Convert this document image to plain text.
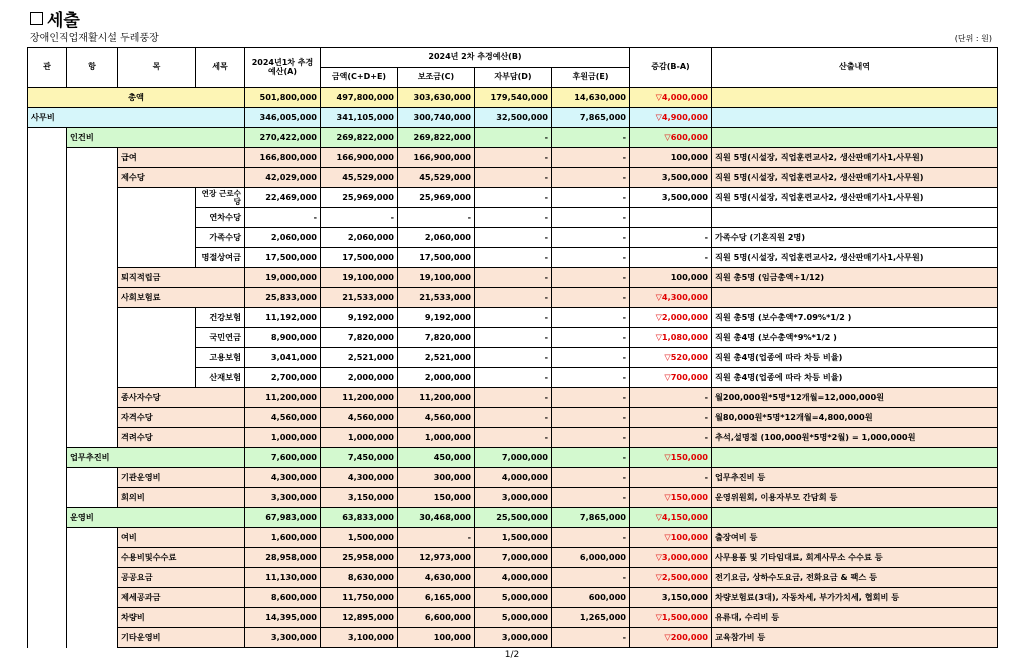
세출
장애인직업재활시설 두레풍장	(단위 : 원)
관	항	목	세목	2024년1차 추경예산(A)	2024년 2차 추경예산(B)				증감(B-A)	산출내역
					금액(C+D+E)	보조금(C)	자부담(D)	후원금(E)		
총액				501,800,000	497,800,000	303,630,000	179,540,000	14,630,000	▽4,000,000	
사무비				346,005,000	341,105,000	300,740,000	32,500,000	7,865,000	▽4,900,000	
	인건비			270,422,000	269,822,000	269,822,000	-	-	▽600,000	
		급여		166,800,000	166,900,000	166,900,000	-	-	100,000	직원 5명(시설장, 직업훈련교사2, 생산판매기사1,사무원)
		제수당		42,029,000	45,529,000	45,529,000	-	-	3,500,000	직원 5명(시설장, 직업훈련교사2, 생산판매기사1,사무원)
			연장 근로수당	22,469,000	25,969,000	25,969,000	-	-	3,500,000	직원 5명(시설장, 직업훈련교사2, 생산판매기사1,사무원)
			연차수당	-	-	-	-	-		
			가족수당	2,060,000	2,060,000	2,060,000	-	-	-	가족수당 (기혼직원 2명)
			명절상여금	17,500,000	17,500,000	17,500,000	-	-	-	직원 5명(시설장, 직업훈련교사2, 생산판매기사1,사무원)
		퇴직적립금		19,000,000	19,100,000	19,100,000	-	-	100,000	직원 총5명 (임금총액÷1/12)
		사회보험료		25,833,000	21,533,000	21,533,000	-	-	▽4,300,000	
			건강보험	11,192,000	9,192,000	9,192,000	-	-	▽2,000,000	직원 총5명 (보수총액*7.09%*1/2 )
			국민연금	8,900,000	7,820,000	7,820,000	-	-	▽1,080,000	직원 총4명 (보수총액*9%*1/2 )
			고용보험	3,041,000	2,521,000	2,521,000	-	-	▽520,000	직원 총4명(업종에 따라 차등 비율)
			산재보험	2,700,000	2,000,000	2,000,000	-	-	▽700,000	직원 총4명(업종에 따라 차등 비율)
		종사자수당		11,200,000	11,200,000	11,200,000	-	-	-	월200,000원*5명*12개월=12,000,000원
		자격수당		4,560,000	4,560,000	4,560,000	-	-	-	월80,000원*5명*12개월=4,800,000원
		격려수당		1,000,000	1,000,000	1,000,000	-	-	-	추석,설명절 (100,000원*5명*2월) = 1,000,000원
	업무추진비			7,600,000	7,450,000	450,000	7,000,000	-	▽150,000	
		기관운영비		4,300,000	4,300,000	300,000	4,000,000	-	-	업무추진비 등
		회의비		3,300,000	3,150,000	150,000	3,000,000	-	▽150,000	운영위원회, 이용자부모 간담회 등
	운영비			67,983,000	63,833,000	30,468,000	25,500,000	7,865,000	▽4,150,000	
		여비		1,600,000	1,500,000	-	1,500,000	-	▽100,000	출장여비 등
		수용비및수수료		28,958,000	25,958,000	12,973,000	7,000,000	6,000,000	▽3,000,000	사무용품 및 기타임대료, 회계사무소 수수료 등
		공공요금		11,130,000	8,630,000	4,630,000	4,000,000	-	▽2,500,000	전기요금, 상하수도요금, 전화요금 & 팩스 등
		제세공과금		8,600,000	11,750,000	6,165,000	5,000,000	600,000	3,150,000	차량보험료(3대), 자동차세, 부가가치세, 협회비 등
		차량비		14,395,000	12,895,000	6,600,000	5,000,000	1,265,000	▽1,500,000	유류대, 수리비 등
		기타운영비		3,300,000	3,100,000	100,000	3,000,000	-	▽200,000	교육참가비 등
1/2
